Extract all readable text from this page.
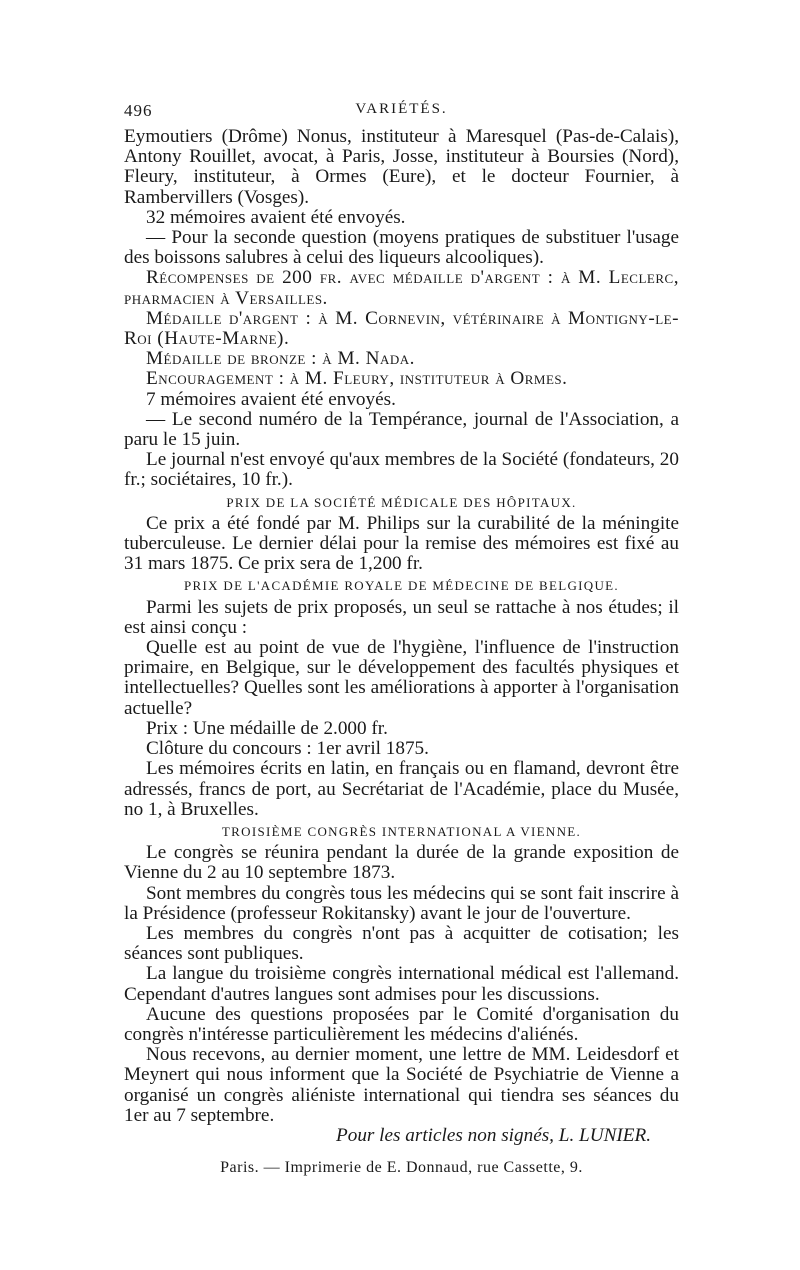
496	VARIÉTÉS.

Eymoutiers (Drôme) Nonus, instituteur à Maresquel (Pas-de-Calais), Antony Rouillet, avocat, à Paris, Josse, instituteur à Boursies (Nord), Fleury, instituteur, à Ormes (Eure), et le docteur Fournier, à Rambervillers (Vosges).

32 mémoires avaient été envoyés.

— Pour la seconde question (moyens pratiques de substituer l'usage des boissons salubres à celui des liqueurs alcooliques).

Récompenses de 200 fr. avec médaille d'argent : à M. Leclerc, pharmacien à Versailles.

Médaille d'argent : à M. Cornevin, vétérinaire à Montigny-le-Roi (Haute-Marne).

Médaille de bronze : à M. Nada.

Encouragement : à M. Fleury, instituteur à Ormes.

7 mémoires avaient été envoyés.

— Le second numéro de la Tempérance, journal de l'Association, a paru le 15 juin.

Le journal n'est envoyé qu'aux membres de la Société (fondateurs, 20 fr.; sociétaires, 10 fr.).

PRIX DE LA SOCIÉTÉ MÉDICALE DES HÔPITAUX.

Ce prix a été fondé par M. Philips sur la curabilité de la méningite tuberculeuse. Le dernier délai pour la remise des mémoires est fixé au 31 mars 1875. Ce prix sera de 1,200 fr.

PRIX DE L'ACADÉMIE ROYALE DE MÉDECINE DE BELGIQUE.

Parmi les sujets de prix proposés, un seul se rattache à nos études; il est ainsi conçu :

Quelle est au point de vue de l'hygiène, l'influence de l'instruction primaire, en Belgique, sur le développement des facultés physiques et intellectuelles? Quelles sont les améliorations à apporter à l'organisation actuelle?

Prix : Une médaille de 2.000 fr.

Clôture du concours : 1er avril 1875.

Les mémoires écrits en latin, en français ou en flamand, devront être adressés, francs de port, au Secrétariat de l'Académie, place du Musée, no 1, à Bruxelles.

TROISIÈME CONGRÈS INTERNATIONAL A VIENNE.

Le congrès se réunira pendant la durée de la grande exposition de Vienne du 2 au 10 septembre 1873.

Sont membres du congrès tous les médecins qui se sont fait inscrire à la Présidence (professeur Rokitansky) avant le jour de l'ouverture.

Les membres du congrès n'ont pas à acquitter de cotisation; les séances sont publiques.

La langue du troisième congrès international médical est l'allemand. Cependant d'autres langues sont admises pour les discussions.

Aucune des questions proposées par le Comité d'organisation du congrès n'intéresse particulièrement les médecins d'aliénés.

Nous recevons, au dernier moment, une lettre de MM. Leidesdorf et Meynert qui nous informent que la Société de Psychiatrie de Vienne a organisé un congrès aliéniste international qui tiendra ses séances du 1er au 7 septembre.

Pour les articles non signés, L. LUNIER.

Paris. — Imprimerie de E. Donnaud, rue Cassette, 9.
